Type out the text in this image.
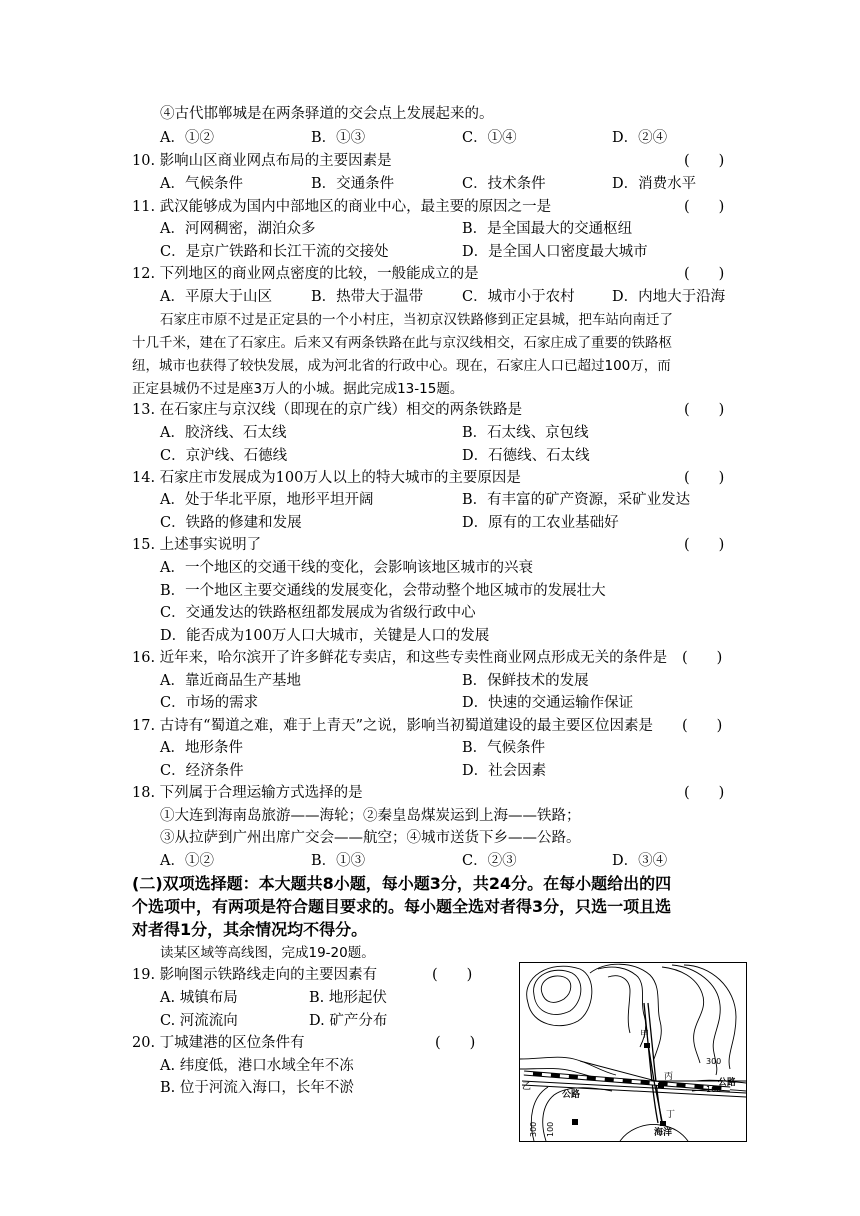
④古代邯郸城是在两条驿道的交会点上发展起来的。
A．①②	B．①③	C．①④	D．②④
10. 影响山区商业网点布局的主要因素是	(　　)
A．气候条件	B．交通条件	C．技术条件	D．消费水平
11. 武汉能够成为国内中部地区的商业中心，最主要的原因之一是	(　　)
A．河网稠密，湖泊众多	B．是全国最大的交通枢纽
C．是京广铁路和长江干流的交接处	D．是全国人口密度最大城市
12. 下列地区的商业网点密度的比较，一般能成立的是	(　　)
A．平原大于山区	B．热带大于温带	C．城市小于农村	D．内地大于沿海
石家庄市原不过是正定县的一个小村庄，当初京汉铁路修到正定县城，把车站向南迁了
十几千米，建在了石家庄。后来又有两条铁路在此与京汉线相交，石家庄成了重要的铁路枢
纽，城市也获得了较快发展，成为河北省的行政中心。现在，石家庄人口已超过100万，而
正定县城仍不过是座3万人的小城。据此完成13-15题。
13. 在石家庄与京汉线（即现在的京广线）相交的两条铁路是	(　　)
A．胶济线、石太线	B．石太线、京包线
C．京沪线、石德线	D．石德线、石太线
14. 石家庄市发展成为100万人以上的特大城市的主要原因是	(　　)
A．处于华北平原，地形平坦开阔	B．有丰富的矿产资源，采矿业发达
C．铁路的修建和发展	D．原有的工农业基础好
15. 上述事实说明了	(　　)
A．一个地区的交通干线的变化，会影响该地区城市的兴衰
B．一个地区主要交通线的发展变化，会带动整个地区城市的发展壮大
C．交通发达的铁路枢纽都发展成为省级行政中心
D．能否成为100万人口大城市，关键是人口的发展
16. 近年来，哈尔滨开了许多鲜花专卖店，和这些专卖性商业网点形成无关的条件是 (　　)
A．靠近商品生产基地	B．保鲜技术的发展
C．市场的需求	D．快速的交通运输作保证
17. 古诗有“蜀道之难，难于上青天”之说，影响当初蜀道建设的最主要区位因素是 (　　)
A．地形条件	B．气候条件
C．经济条件	D．社会因素
18. 下列属于合理运输方式选择的是	(　　)
①大连到海南岛旅游——海轮；②秦皇岛煤炭运到上海——铁路；
③从拉萨到广州出席广交会——航空；④城市送货下乡——公路。
A．①②	B．①③	C．②③	D．③④
(二)双项选择题：本大题共8小题，每小题3分，共24分。在每小题给出的四
个选项中，有两项是符合题目要求的。每小题全选对者得3分，只选一项且选
对者得1分，其余情况均不得分。
读某区域等高线图，完成19-20题。
19. 影响图示铁路线走向的主要因素有	(　　)
A. 城镇布局	B. 地形起伏
C. 河流流向	D. 矿产分布
20. 丁城建港的区位条件有	(　　)
A. 纬度低，港口水域全年不冻
B. 位于河流入海口，长年不淤
甲
乙
丙
丁
300
100
公路
公路
海洋
100
300
